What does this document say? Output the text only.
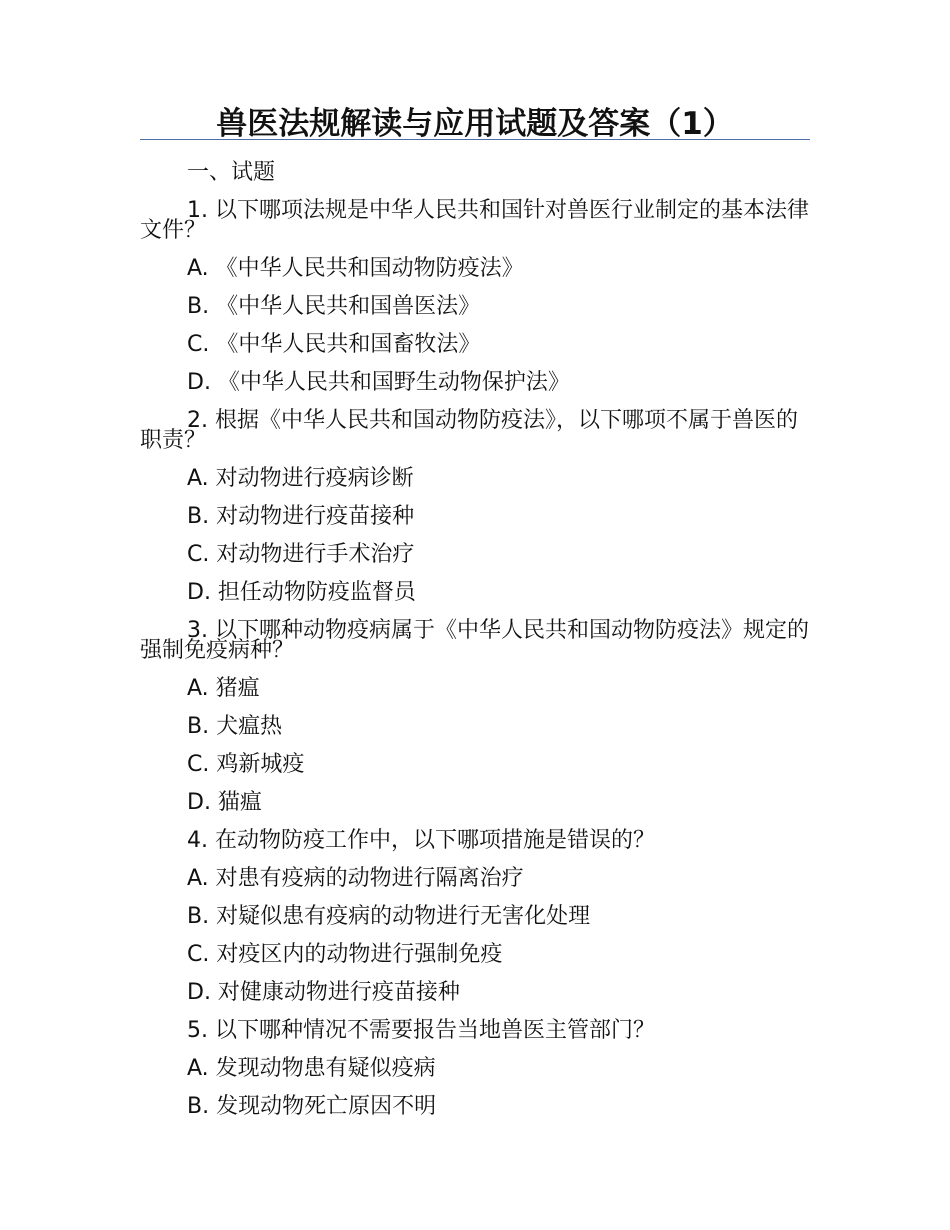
兽医法规解读与应用试题及答案（1）
一、试题
1. 以下哪项法规是中华人民共和国针对兽医行业制定的基本法律文件？
A. 《中华人民共和国动物防疫法》
B. 《中华人民共和国兽医法》
C. 《中华人民共和国畜牧法》
D. 《中华人民共和国野生动物保护法》
2. 根据《中华人民共和国动物防疫法》，以下哪项不属于兽医的职责？
A. 对动物进行疫病诊断
B. 对动物进行疫苗接种
C. 对动物进行手术治疗
D. 担任动物防疫监督员
3. 以下哪种动物疫病属于《中华人民共和国动物防疫法》规定的强制免疫病种？
A. 猪瘟
B. 犬瘟热
C. 鸡新城疫
D. 猫瘟
4. 在动物防疫工作中，以下哪项措施是错误的？
A. 对患有疫病的动物进行隔离治疗
B. 对疑似患有疫病的动物进行无害化处理
C. 对疫区内的动物进行强制免疫
D. 对健康动物进行疫苗接种
5. 以下哪种情况不需要报告当地兽医主管部门？
A. 发现动物患有疑似疫病
B. 发现动物死亡原因不明
